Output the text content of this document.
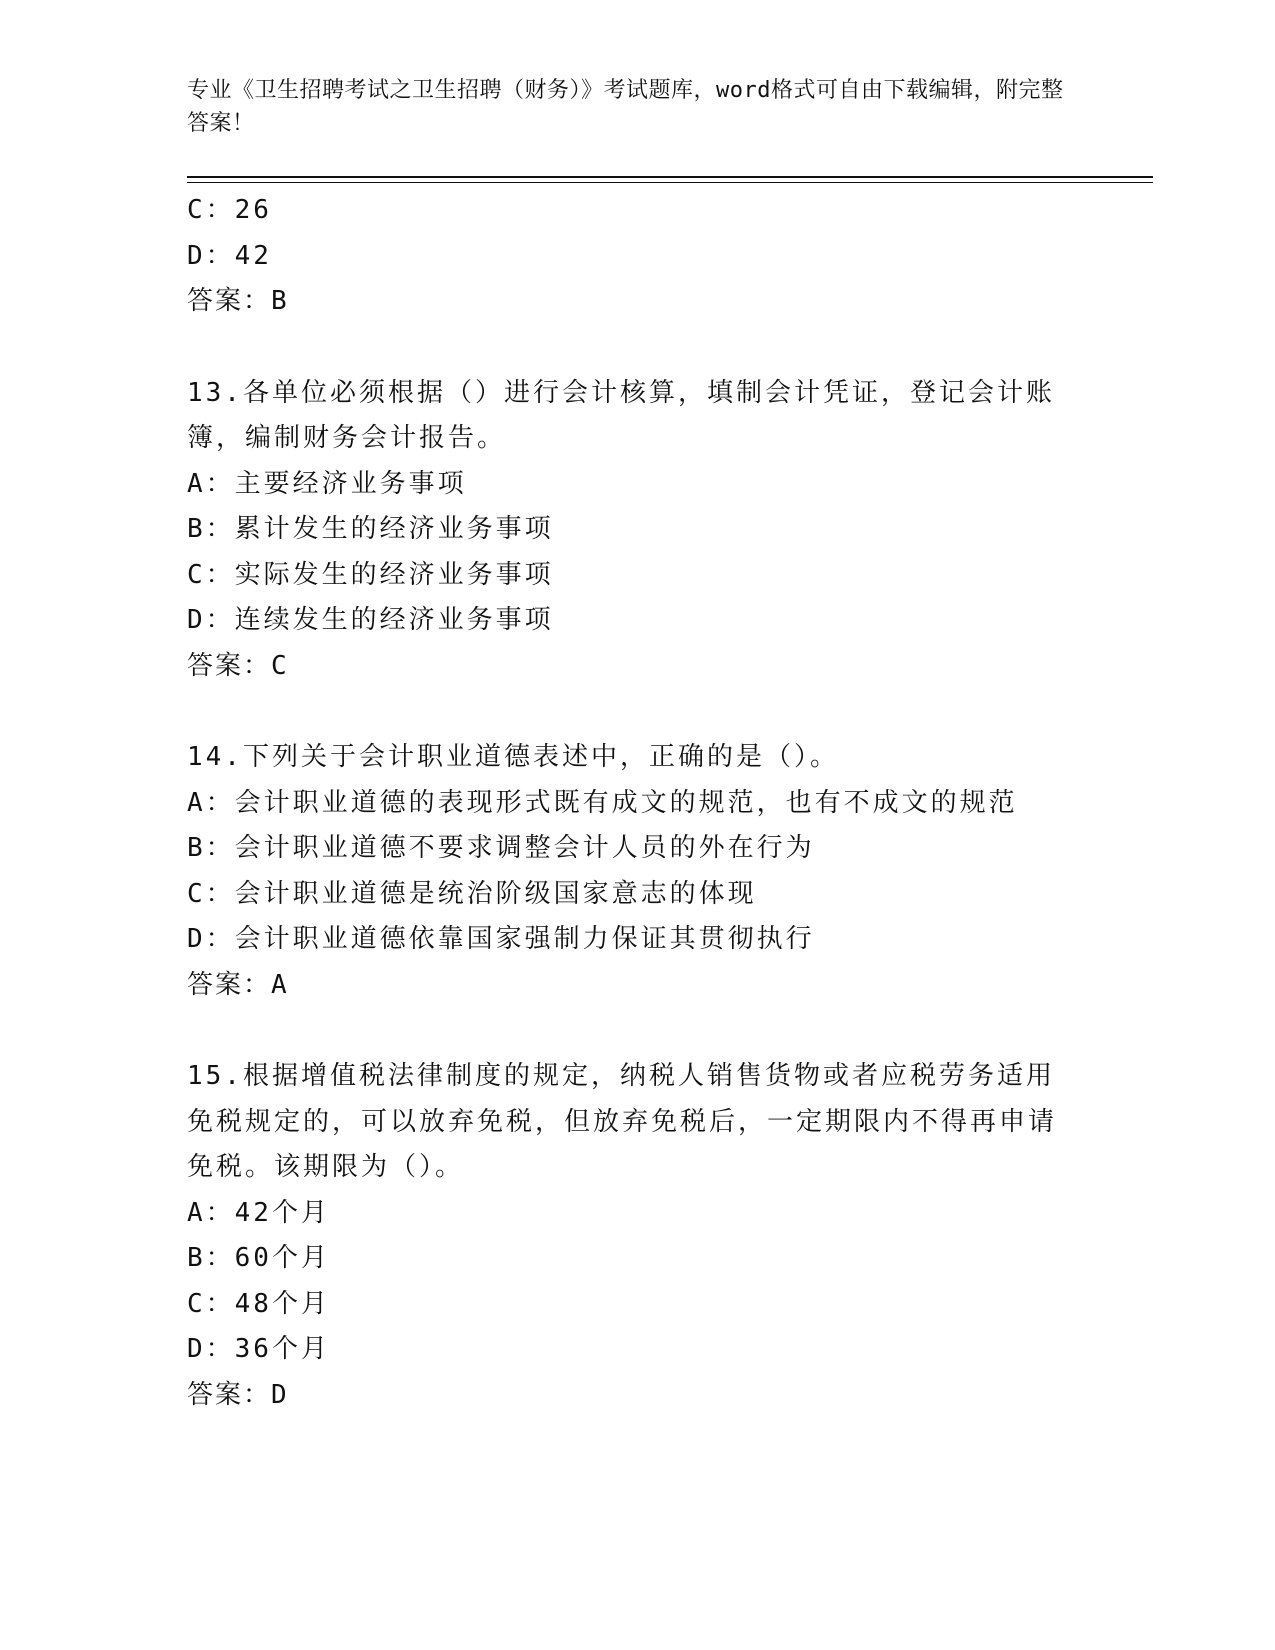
专业《卫生招聘考试之卫生招聘（财务）》考试题库，word格式可自由下载编辑，附完整答案！
C：26
D：42
答案：B
13.各单位必须根据（）进行会计核算，填制会计凭证，登记会计账簿，编制财务会计报告。
A：主要经济业务事项
B：累计发生的经济业务事项
C：实际发生的经济业务事项
D：连续发生的经济业务事项
答案：C
14.下列关于会计职业道德表述中，正确的是（）。
A：会计职业道德的表现形式既有成文的规范，也有不成文的规范
B：会计职业道德不要求调整会计人员的外在行为
C：会计职业道德是统治阶级国家意志的体现
D：会计职业道德依靠国家强制力保证其贯彻执行
答案：A
15.根据增值税法律制度的规定，纳税人销售货物或者应税劳务适用免税规定的，可以放弃免税，但放弃免税后，一定期限内不得再申请免税。该期限为（）。
A：42个月
B：60个月
C：48个月
D：36个月
答案：D
